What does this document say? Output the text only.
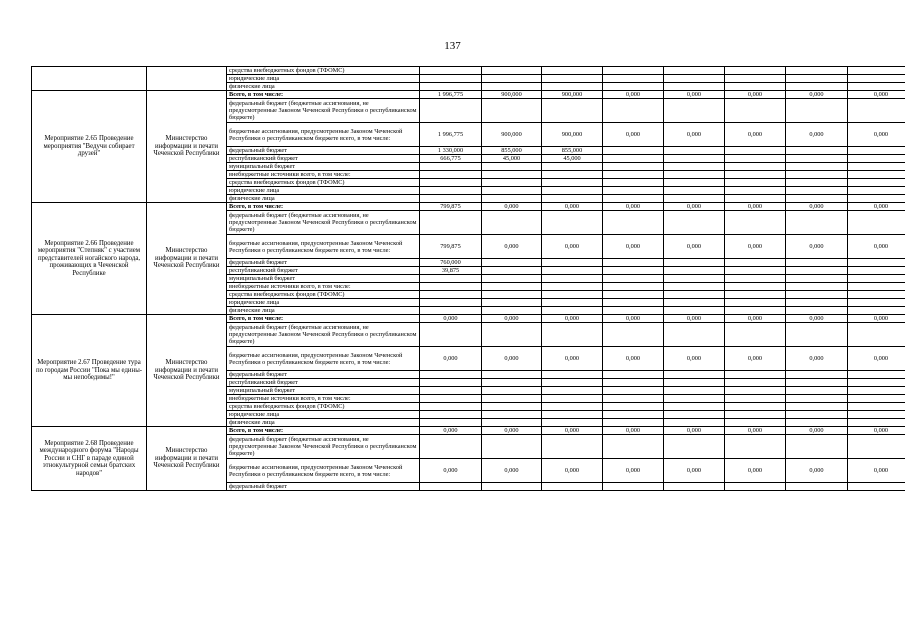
137
		средства внебюджетных фондов (ТФОМС)								
		юридические лица								
		физические лица								
Мероприятие 2.65 Проведение мероприятия "Ведучи собирает друзей"	Министерство информации и печати Чеченской Республики	Всего, в том числе:	1 996,775	900,000	900,000	0,000	0,000	0,000	0,000	0,000
		федеральный бюджет (бюджетные ассигнования, не предусмотренные Законом Чеченской Республики о республиканском бюджете)								
		бюджетные ассигнования, предусмотренные Законом Чеченской Республики о республиканском бюджете всего, в том числе:	1 996,775	900,000	900,000	0,000	0,000	0,000	0,000	0,000
		федеральный бюджет	1 330,000	855,000	855,000					
		республиканский бюджет	666,775	45,000	45,000					
		муниципальный бюджет								
		внебюджетные источники всего, в том числе:								
		средства внебюджетных фондов (ТФОМС)								
		юридические лица								
		физические лица								
Мероприятие 2.66 Проведение мероприятия "Степняк" с участием представителей ногайского народа, проживающих в Чеченской Республике	Министерство информации и печати Чеченской Республики	Всего, в том числе:	799,875	0,000	0,000	0,000	0,000	0,000	0,000	0,000
		федеральный бюджет (бюджетные ассигнования, не предусмотренные Законом Чеченской Республики о республиканском бюджете)								
		бюджетные ассигнования, предусмотренные Законом Чеченской Республики о республиканском бюджете всего, в том числе:	799,875	0,000	0,000	0,000	0,000	0,000	0,000	0,000
		федеральный бюджет	760,000							
		республиканский бюджет	39,875							
		муниципальный бюджет								
		внебюджетные источники всего, в том числе:								
		средства внебюджетных фондов (ТФОМС)								
		юридические лица								
		физические лица								
Мероприятие 2.67 Проведение тура по городам России "Пока мы едины-мы непобедимы!"	Министерство информации и печати Чеченской Республики	Всего, в том числе:	0,000	0,000	0,000	0,000	0,000	0,000	0,000	0,000
		федеральный бюджет (бюджетные ассигнования, не предусмотренные Законом Чеченской Республики о республиканском бюджете)								
		бюджетные ассигнования, предусмотренные Законом Чеченской Республики о республиканском бюджете всего, в том числе:	0,000	0,000	0,000	0,000	0,000	0,000	0,000	0,000
		федеральный бюджет								
		республиканский бюджет								
		муниципальный бюджет								
		внебюджетные источники всего, в том числе:								
		средства внебюджетных фондов (ТФОМС)								
		юридические лица								
		физические лица								
Мероприятие 2.68 Проведение международного форума "Народы России и СНГ в параде единой этнокультурной семьи братских народов"	Министерство информации и печати Чеченской Республики	Всего, в том числе:	0,000	0,000	0,000	0,000	0,000	0,000	0,000	0,000
		федеральный бюджет (бюджетные ассигнования, не предусмотренные Законом Чеченской Республики о республиканском бюджете)								
		бюджетные ассигнования, предусмотренные Законом Чеченской Республики о республиканском бюджете всего, в том числе:	0,000	0,000	0,000	0,000	0,000	0,000	0,000	0,000
		федеральный бюджет								
